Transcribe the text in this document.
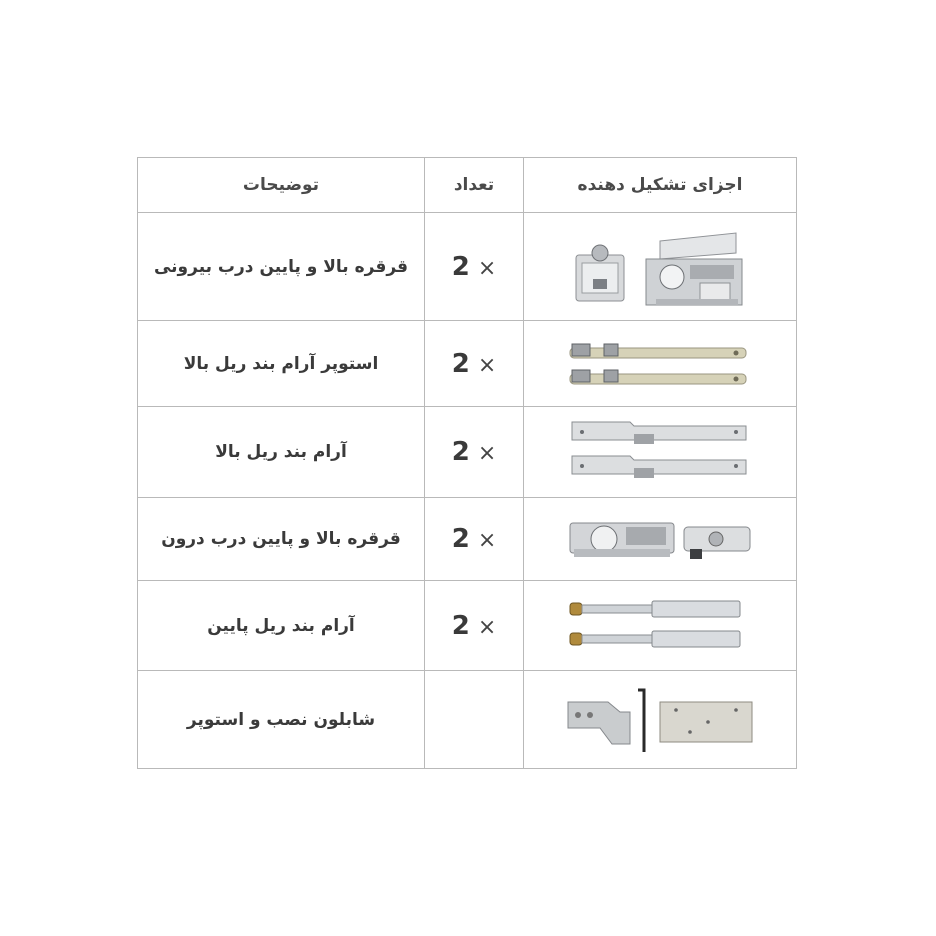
توضیحات	تعداد	اجزای تشکیل دهنده
قرقره بالا و پایین درب بیرونی	2 ×	

استوپر آرام بند ریل بالا	2 ×	

آرام بند ریل بالا	2 ×	

قرقره بالا و پایین درب درون	2 ×	

آرام بند ریل پایین	2 ×	

شابلون نصب و استوپر		
